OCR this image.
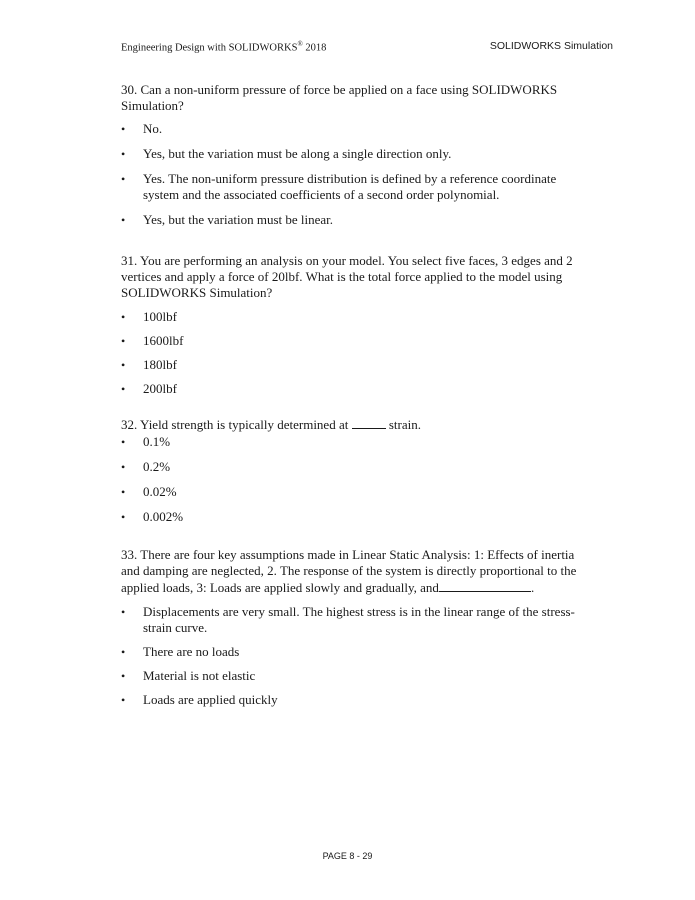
Engineering Design with SOLIDWORKS® 2018	SOLIDWORKS Simulation

30. Can a non-uniform pressure of force be applied on a face using SOLIDWORKS Simulation?

• No.
• Yes, but the variation must be along a single direction only.
• Yes. The non-uniform pressure distribution is defined by a reference coordinate system and the associated coefficients of a second order polynomial.
• Yes, but the variation must be linear.

31. You are performing an analysis on your model. You select five faces, 3 edges and 2 vertices and apply a force of 20lbf. What is the total force applied to the model using SOLIDWORKS Simulation?

• 100lbf
• 1600lbf
• 180lbf
• 200lbf

32. Yield strength is typically determined at	strain.

• 0.1%
• 0.2%
• 0.02%
• 0.002%

33. There are four key assumptions made in Linear Static Analysis: 1: Effects of inertia and damping are neglected, 2. The response of the system is directly proportional to the applied loads, 3: Loads are applied slowly and gradually, and	.

• Displacements are very small. The highest stress is in the linear range of the stress-strain curve.
• There are no loads
• Material is not elastic
• Loads are applied quickly
PAGE 8 - 29
